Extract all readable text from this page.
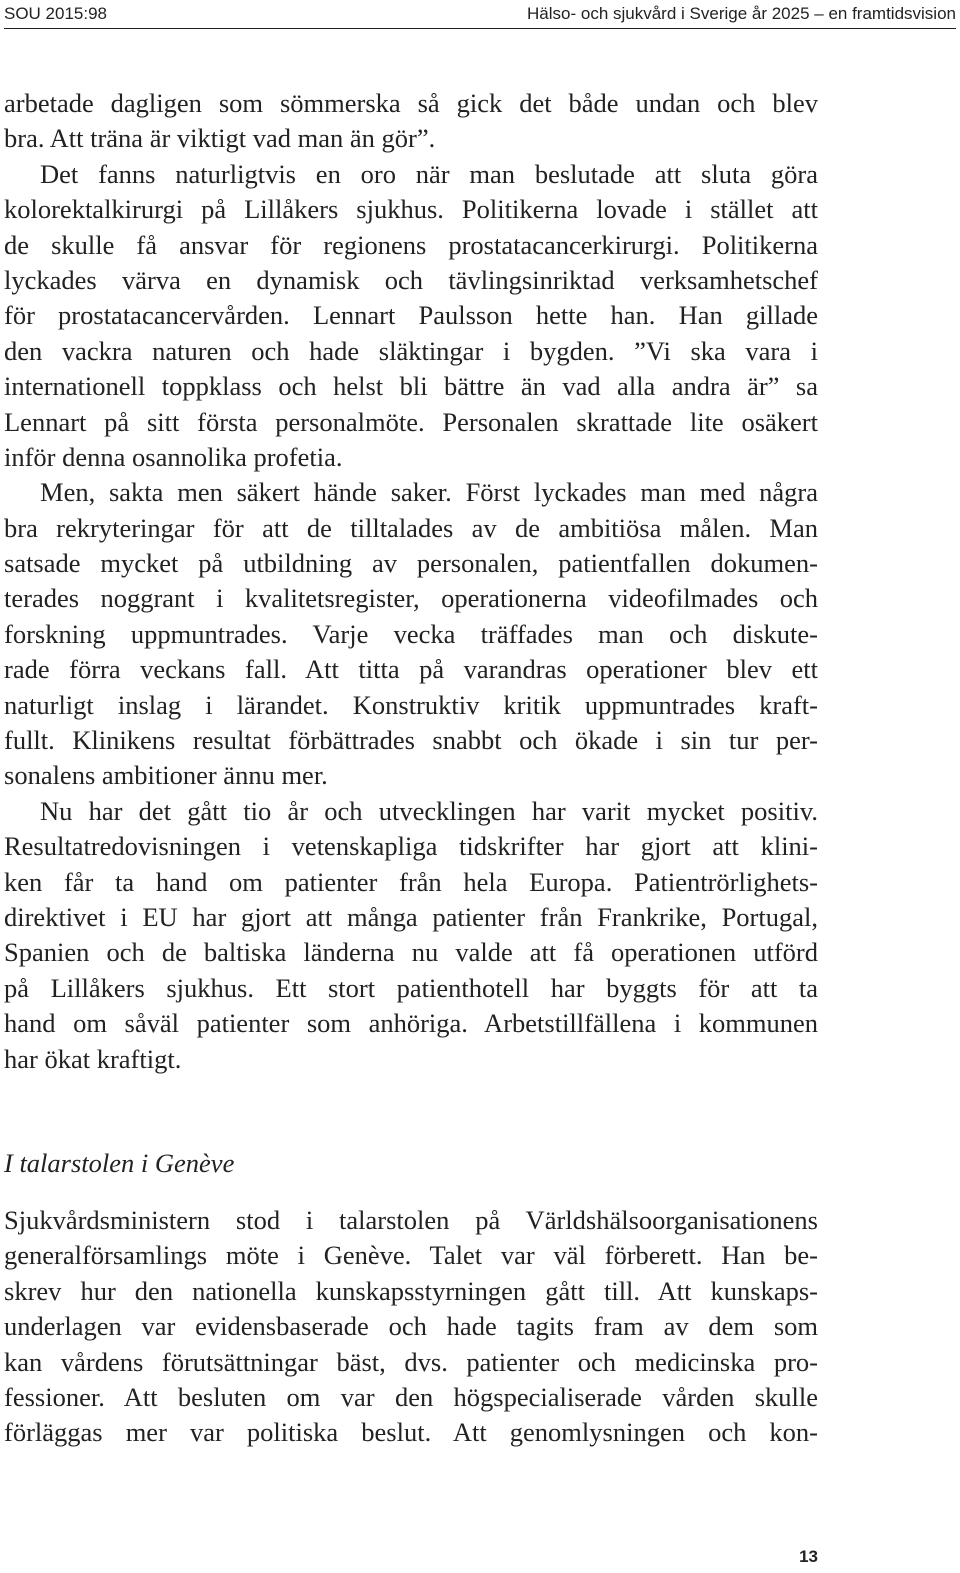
SOU 2015:98	Hälso- och sjukvård i Sverige år 2025 – en framtidsvision
arbetade dagligen som sömmerska så gick det både undan och blev
bra. Att träna är viktigt vad man än gör”.
Det fanns naturligtvis en oro när man beslutade att sluta göra
kolorektalkirurgi på Lillåkers sjukhus. Politikerna lovade i stället att
de skulle få ansvar för regionens prostatacancerkirurgi. Politikerna
lyckades värva en dynamisk och tävlingsinriktad verksamhetschef
för prostatacancervården. Lennart Paulsson hette han. Han gillade
den vackra naturen och hade släktingar i bygden. ”Vi ska vara i
internationell toppklass och helst bli bättre än vad alla andra är” sa
Lennart på sitt första personalmöte. Personalen skrattade lite osäkert
inför denna osannolika profetia.
Men, sakta men säkert hände saker. Först lyckades man med några
bra rekryteringar för att de tilltalades av de ambitiösa målen. Man
satsade mycket på utbildning av personalen, patientfallen dokumen-
terades noggrant i kvalitetsregister, operationerna videofilmades och
forskning uppmuntrades. Varje vecka träffades man och diskute-
rade förra veckans fall. Att titta på varandras operationer blev ett
naturligt inslag i lärandet. Konstruktiv kritik uppmuntrades kraft-
fullt. Klinikens resultat förbättrades snabbt och ökade i sin tur per-
sonalens ambitioner ännu mer.
Nu har det gått tio år och utvecklingen har varit mycket positiv.
Resultatredovisningen i vetenskapliga tidskrifter har gjort att klini-
ken får ta hand om patienter från hela Europa. Patientrörlighets-
direktivet i EU har gjort att många patienter från Frankrike, Portugal,
Spanien och de baltiska länderna nu valde att få operationen utförd
på Lillåkers sjukhus. Ett stort patienthotell har byggts för att ta
hand om såväl patienter som anhöriga. Arbetstillfällena i kommunen
har ökat kraftigt.
I talarstolen i Genève
Sjukvårdsministern stod i talarstolen på Världshälsoorganisationens
generalförsamlings möte i Genève. Talet var väl förberett. Han be-
skrev hur den nationella kunskapsstyrningen gått till. Att kunskaps-
underlagen var evidensbaserade och hade tagits fram av dem som
kan vårdens förutsättningar bäst, dvs. patienter och medicinska pro-
fessioner. Att besluten om var den högspecialiserade vården skulle
förläggas mer var politiska beslut. Att genomlysningen och kon-
13
